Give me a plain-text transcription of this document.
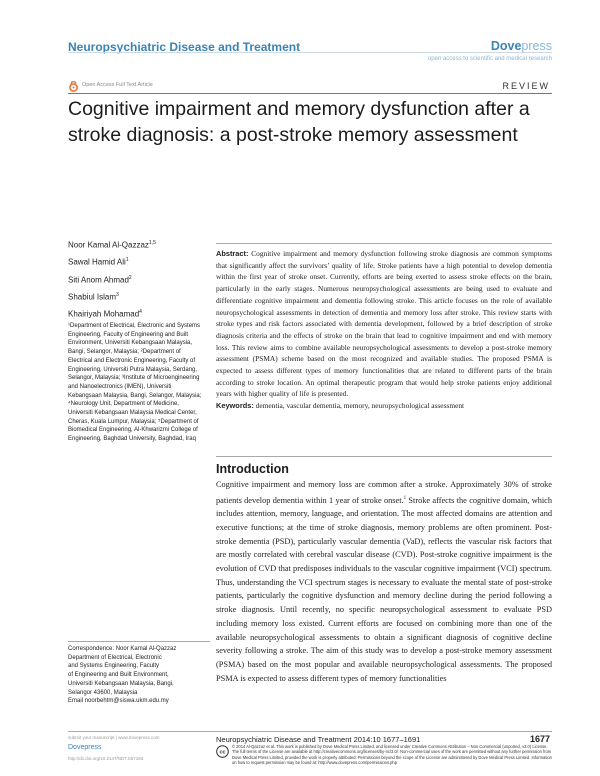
Neuropsychiatric Disease and Treatment	Dovepress
open access to scientific and medical research
Open Access Full Text Article	REVIEW
Cognitive impairment and memory dysfunction after a stroke diagnosis: a post-stroke memory assessment
Noor Kamal Al-Qazzaz$^{1,5}$
Sawal Hamid Ali$^1$
Siti Anom Ahmad$^2$
Shabiul Islam$^3$
Khairiyah Mohamad$^4$
¹Department of Electrical, Electronic and Systems Engineering, Faculty of Engineering and Built Environment, Universiti Kebangsaan Malaysia, Bangi, Selangor, Malaysia; ²Department of Electrical and Electronic Engineering, Faculty of Engineering, Universiti Putra Malaysia, Serdang, Selangor, Malaysia; ³Institute of Microengineering and Nanoelectronics (IMEN), Universiti Kebangsaan Malaysia, Bangi, Selangor, Malaysia; ⁴Neurology Unit, Department of Medicine, Universiti Kebangsaan Malaysia Medical Center, Cheras, Kuala Lumpur, Malaysia; ⁵Department of Biomedical Engineering, Al-Khwarizmi College of Engineering, Baghdad University, Baghdad, Iraq
Abstract: Cognitive impairment and memory dysfunction following stroke diagnosis are common symptoms that significantly affect the survivors’ quality of life. Stroke patients have a high potential to develop dementia within the first year of stroke onset. Currently, efforts are being exerted to assess stroke effects on the brain, particularly in the early stages. Numerous neuropsychological assessments are being used to evaluate and differentiate cognitive impairment and dementia following stroke. This article focuses on the role of available neuropsychological assessments in detection of dementia and memory loss after stroke. This review starts with stroke types and risk factors associated with dementia development, followed by a brief description of stroke diagnosis criteria and the effects of stroke on the brain that lead to cognitive impairment and end with memory loss. This review aims to combine available neuropsychological assessments to develop a post-stroke memory assessment (PSMA) scheme based on the most recognized and available studies. The proposed PSMA is expected to assess different types of memory functionalities that are related to different parts of the brain according to stroke location. An optimal therapeutic program that would help stroke patients enjoy additional years with higher quality of life is presented.
Keywords: dementia, vascular dementia, memory, neuropsychological assessment
Introduction
Cognitive impairment and memory loss are common after a stroke. Approximately 30% of stroke patients develop dementia within 1 year of stroke onset.$^1$ Stroke affects the cognitive domain, which includes attention, memory, language, and orientation. The most affected domains are attention and executive functions; at the time of stroke diagnosis, memory problems are often prominent. Post-stroke dementia (PSD), particularly vascular dementia (VaD), reflects the vascular risk factors that are mostly correlated with cerebral vascular disease (CVD). Post-stroke cognitive impairment is the evolution of CVD that predisposes individuals to the vascular cognitive impairment (VCI) spectrum. Thus, understanding the VCI spectrum stages is necessary to evaluate the mental state of post-stroke patients, particularly the cognitive dysfunction and memory decline during the period following a stroke diagnosis. Until recently, no specific neuropsychological assessment to evaluate PSD including memory loss existed. Current efforts are focused on combining more than one of the available neuropsychological assessments to obtain a significant diagnosis of cognitive decline severity following a stroke. The aim of this study was to develop a post-stroke memory assessment (PSMA) based on the most popular and available neuropsychological assessments. The proposed PSMA is expected to assess different types of memory functionalities
Correspondence: Noor Kamal Al-Qazzaz
Department of Electrical, Electronic
and Systems Engineering, Faculty
of Engineering and Built Environment,
Universiti Kebangsaan Malaysia, Bangi,
Selangor 43600, Malaysia
Email noorbehtm@siswa.ukm.edu.my
submit your manuscript | www.dovepress.com
Dovepress
http://dx.doi.org/10.2147/NDT.S67184
Neuropsychiatric Disease and Treatment 2014:10 1677–1691	1677
cc
© 2014 Al-Qazzaz et al. This work is published by Dove Medical Press Limited, and licensed under Creative Commons Attribution – Non Commercial (unported, v3.0) License. The full terms of the License are available at http://creativecommons.org/licenses/by-nc/3.0/. Non-commercial uses of the work are permitted without any further permission from Dove Medical Press Limited, provided the work is properly attributed. Permissions beyond the scope of the License are administered by Dove Medical Press Limited. Information on how to request permission may be found at: http://www.dovepress.com/permissions.php
